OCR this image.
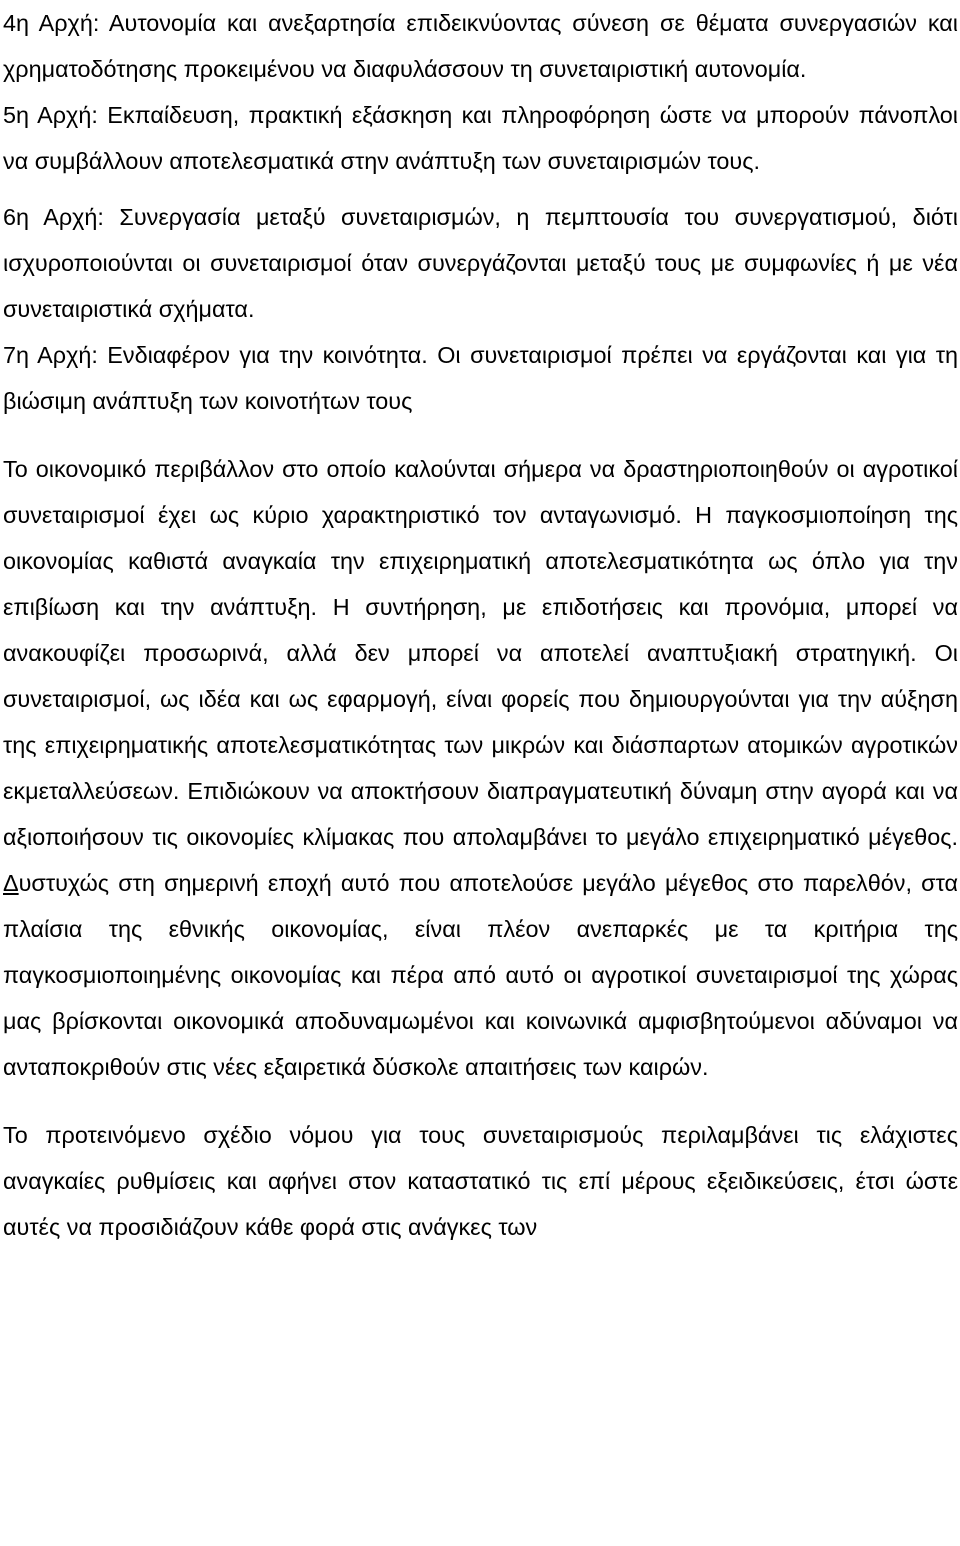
4η Αρχή: Αυτονομία και ανεξαρτησία επιδεικνύοντας σύνεση σε θέματα συνεργασιών και χρηματοδότησης προκειμένου να διαφυλάσσουν τη συνεταιριστική αυτονομία.

5η Αρχή: Εκπαίδευση, πρακτική εξάσκηση και πληροφόρηση ώστε να μπορούν πάνοπλοι να συμβάλλουν αποτελεσματικά στην ανάπτυξη των συνεταιρισμών τους.

6η Αρχή: Συνεργασία μεταξύ συνεταιρισμών, η πεμπτουσία του συνεργατισμού, διότι ισχυροποιούνται οι συνεταιρισμοί όταν συνεργάζονται μεταξύ τους με συμφωνίες ή με νέα συνεταιριστικά σχήματα.

7η Αρχή: Ενδιαφέρον για την κοινότητα. Οι συνεταιρισμοί πρέπει να εργάζονται και για τη βιώσιμη ανάπτυξη των κοινοτήτων τους

Το οικονομικό περιβάλλον στο οποίο καλούνται σήμερα να δραστηριοποιηθούν οι αγροτικοί συνεταιρισμοί έχει ως κύριο χαρακτηριστικό τον ανταγωνισμό. Η παγκοσμιοποίηση της οικονομίας καθιστά αναγκαία την επιχειρηματική αποτελεσματικότητα ως όπλο για την επιβίωση και την ανάπτυξη. Η συντήρηση, με επιδοτήσεις και προνόμια, μπορεί να ανακουφίζει προσωρινά, αλλά δεν μπορεί να αποτελεί αναπτυξιακή στρατηγική. Οι συνεταιρισμοί, ως ιδέα και ως εφαρμογή, είναι φορείς που δημιουργούνται για την αύξηση της επιχειρηματικής αποτελεσματικότητας των μικρών και διάσπαρτων ατομικών αγροτικών εκμεταλλεύσεων. Επιδιώκουν να αποκτήσουν διαπραγματευτική δύναμη στην αγορά και να αξιοποιήσουν τις οικονομίες κλίμακας που απολαμβάνει το μεγάλο επιχειρηματικό μέγεθος. Δυστυχώς στη σημερινή εποχή αυτό που αποτελούσε μεγάλο μέγεθος στο παρελθόν, στα πλαίσια της εθνικής οικονομίας, είναι πλέον ανεπαρκές με τα κριτήρια της παγκοσμιοποιημένης οικονομίας και πέρα από αυτό οι αγροτικοί συνεταιρισμοί της χώρας μας βρίσκονται οικονομικά αποδυναμωμένοι και κοινωνικά αμφισβητούμενοι αδύναμοι να ανταποκριθούν στις νέες εξαιρετικά δύσκολε απαιτήσεις των καιρών.

Το προτεινόμενο σχέδιο νόμου για τους συνεταιρισμούς περιλαμβάνει τις ελάχιστες αναγκαίες ρυθμίσεις και αφήνει στον καταστατικό τις επί μέρους εξειδικεύσεις, έτσι ώστε αυτές να προσιδιάζουν κάθε φορά στις ανάγκες των
